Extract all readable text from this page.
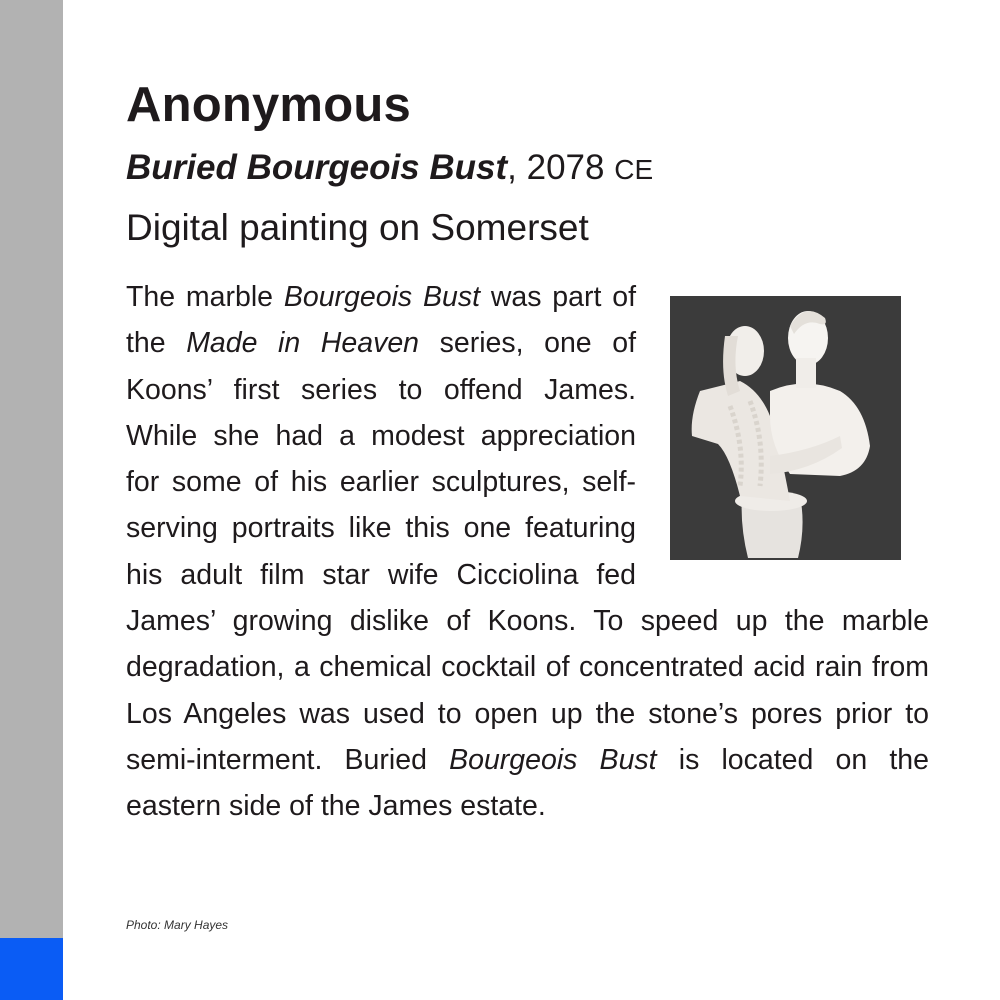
Anonymous

Buried Bourgeois Bust, 2078 CE

Digital painting on Somerset

The marble Bourgeois Bust was part of the Made in Heaven series, one of Koons’ first series to offend James. While she had a modest appreciation for some of his earlier sculptures, self-serving portraits like this one featuring his adult film star wife Cicciolina fed James’ growing dislike of Koons. To speed up the marble degradation, a chemical cocktail of concentrated acid rain from Los Angeles was used to open up the stone’s pores prior to semi-interment. Buried Bourgeois Bust is located on the eastern side of the James estate.

Photo: Mary Hayes
